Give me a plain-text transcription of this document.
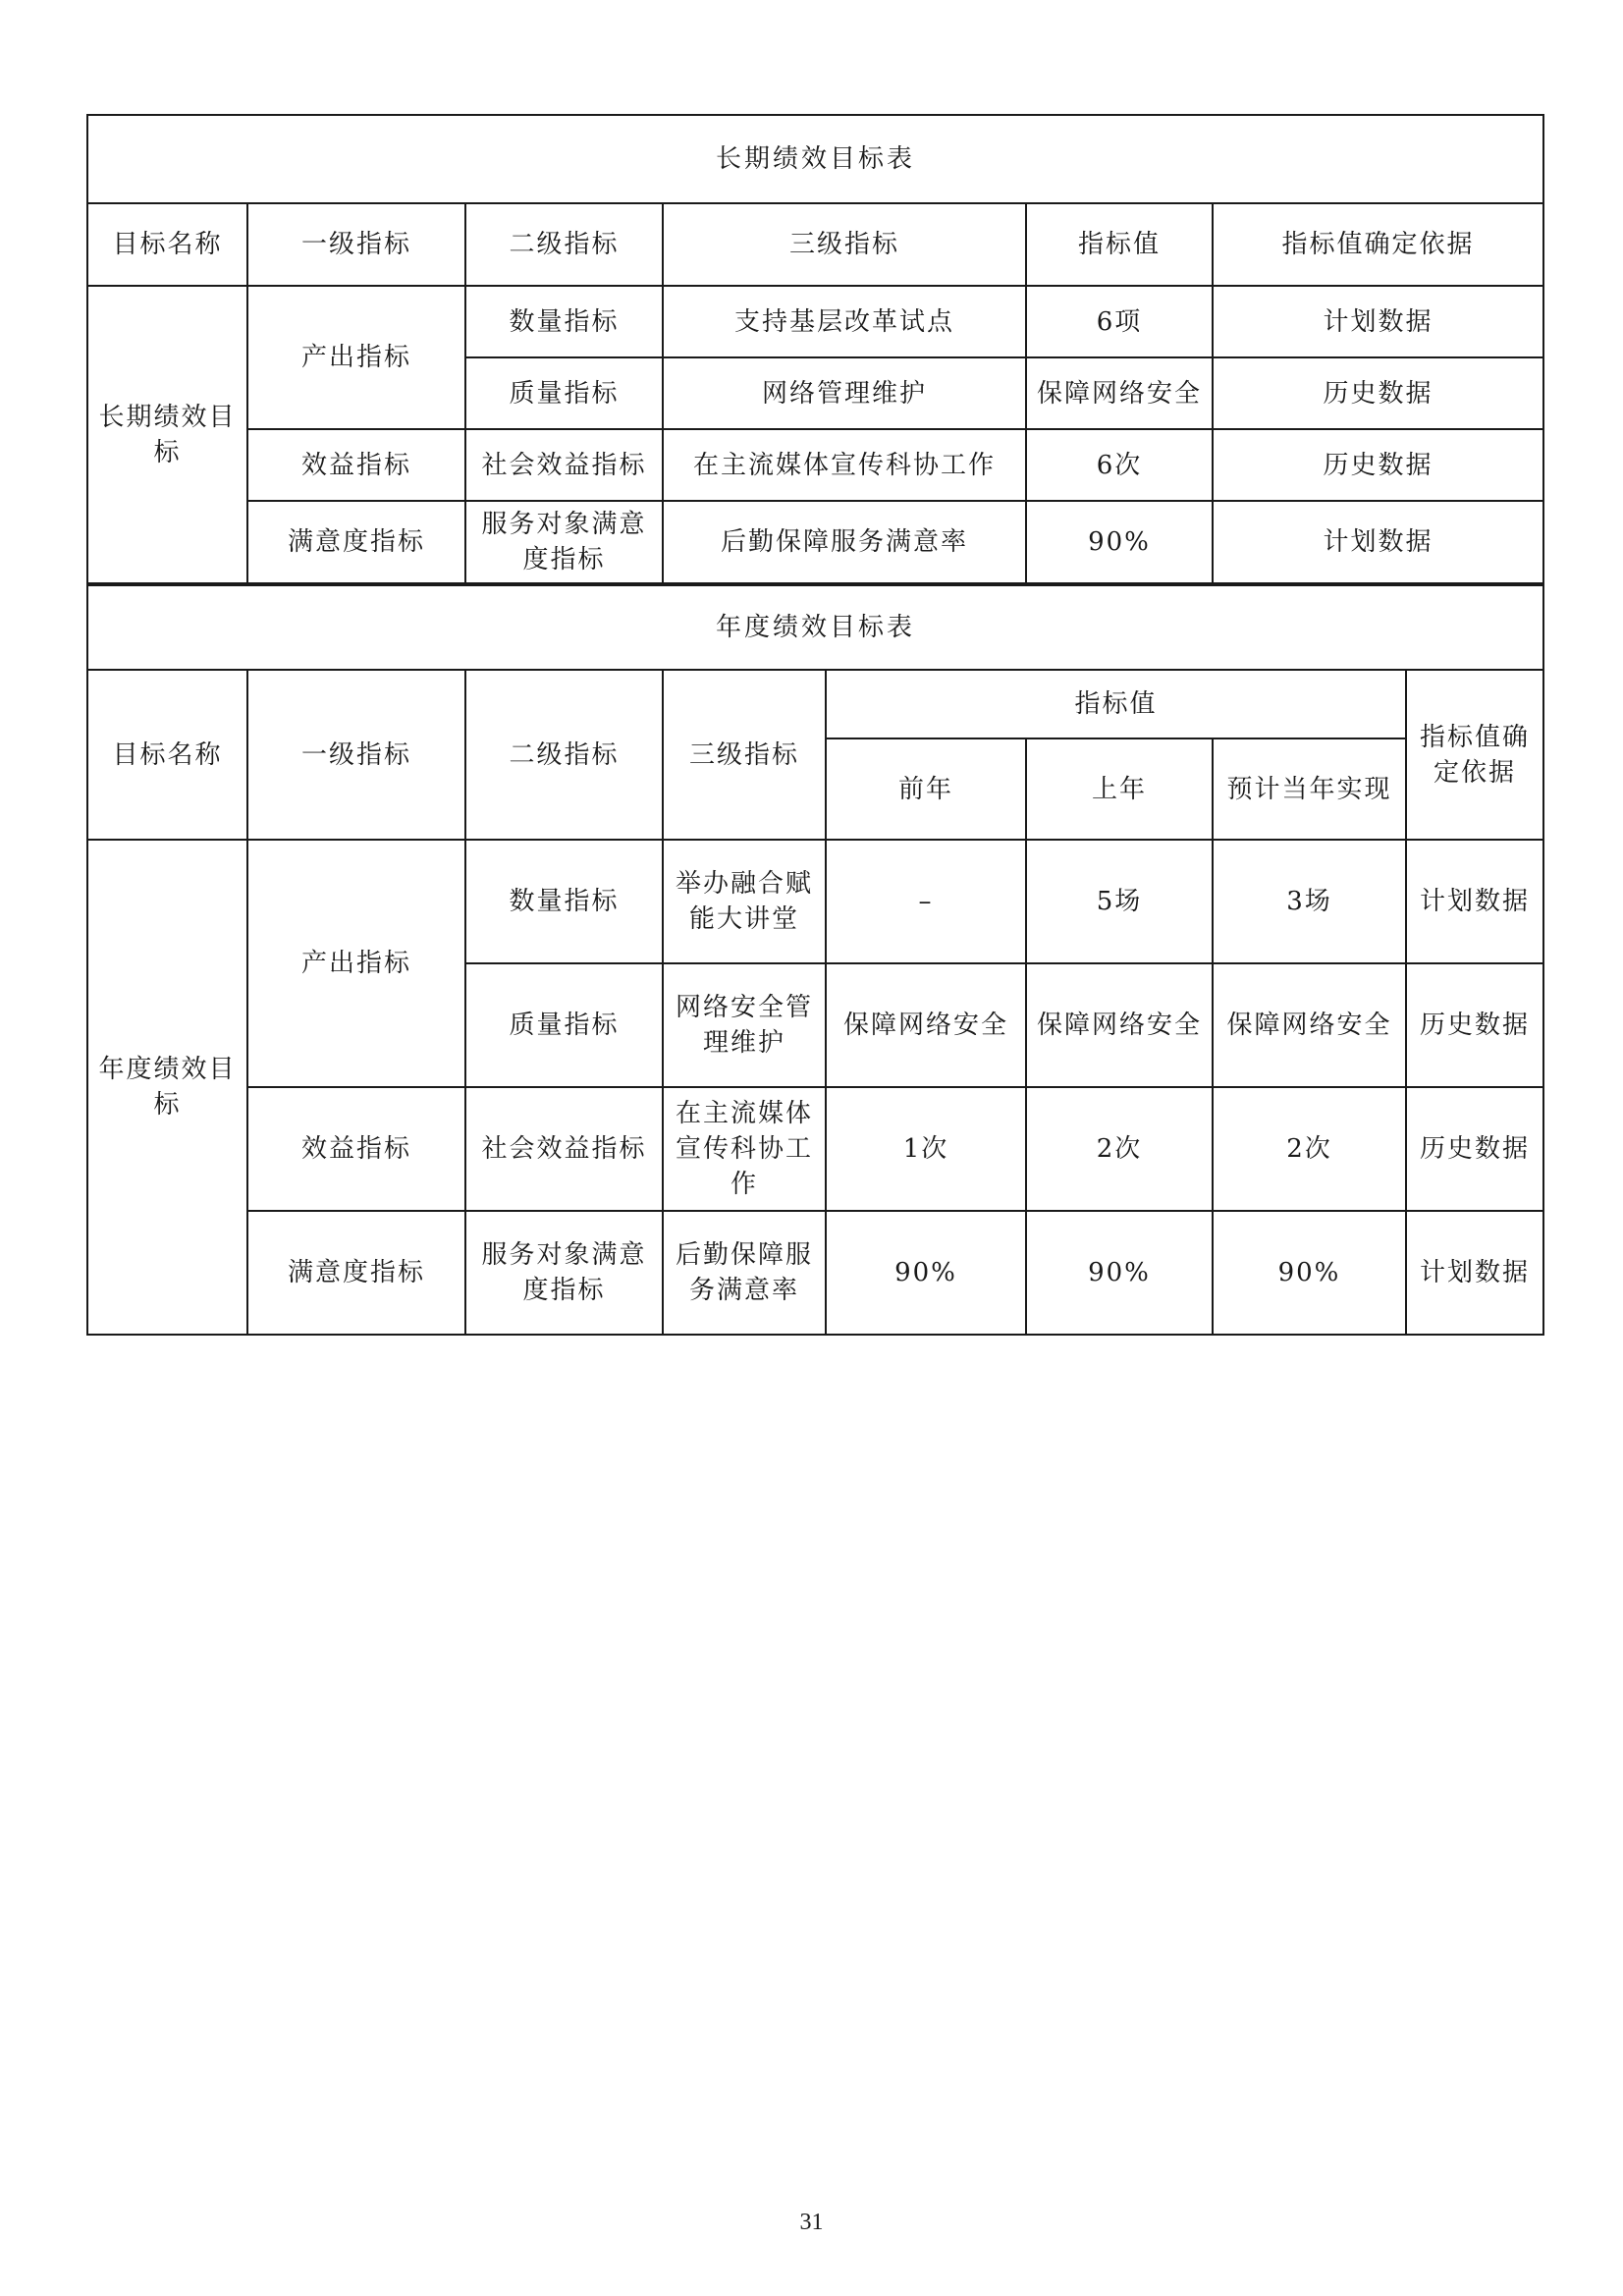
长期绩效目标表					
目标名称	一级指标	二级指标	三级指标	指标值	指标值确定依据
长期绩效目标	产出指标	数量指标	支持基层改革试点	6项	计划数据
		质量指标	网络管理维护	保障网络安全	历史数据
	效益指标	社会效益指标	在主流媒体宣传科协工作	6次	历史数据
	满意度指标	服务对象满意度指标	后勤保障服务满意率	90%	计划数据
年度绩效目标表							
目标名称	一级指标	二级指标	三级指标	指标值			指标值确定依据
				前年	上年	预计当年实现	
年度绩效目标	产出指标	数量指标	举办融合赋能大讲堂	–	5场	3场	计划数据
		质量指标	网络安全管理维护	保障网络安全	保障网络安全	保障网络安全	历史数据
	效益指标	社会效益指标	在主流媒体宣传科协工作	1次	2次	2次	历史数据
	满意度指标	服务对象满意度指标	后勤保障服务满意率	90%	90%	90%	计划数据
31
